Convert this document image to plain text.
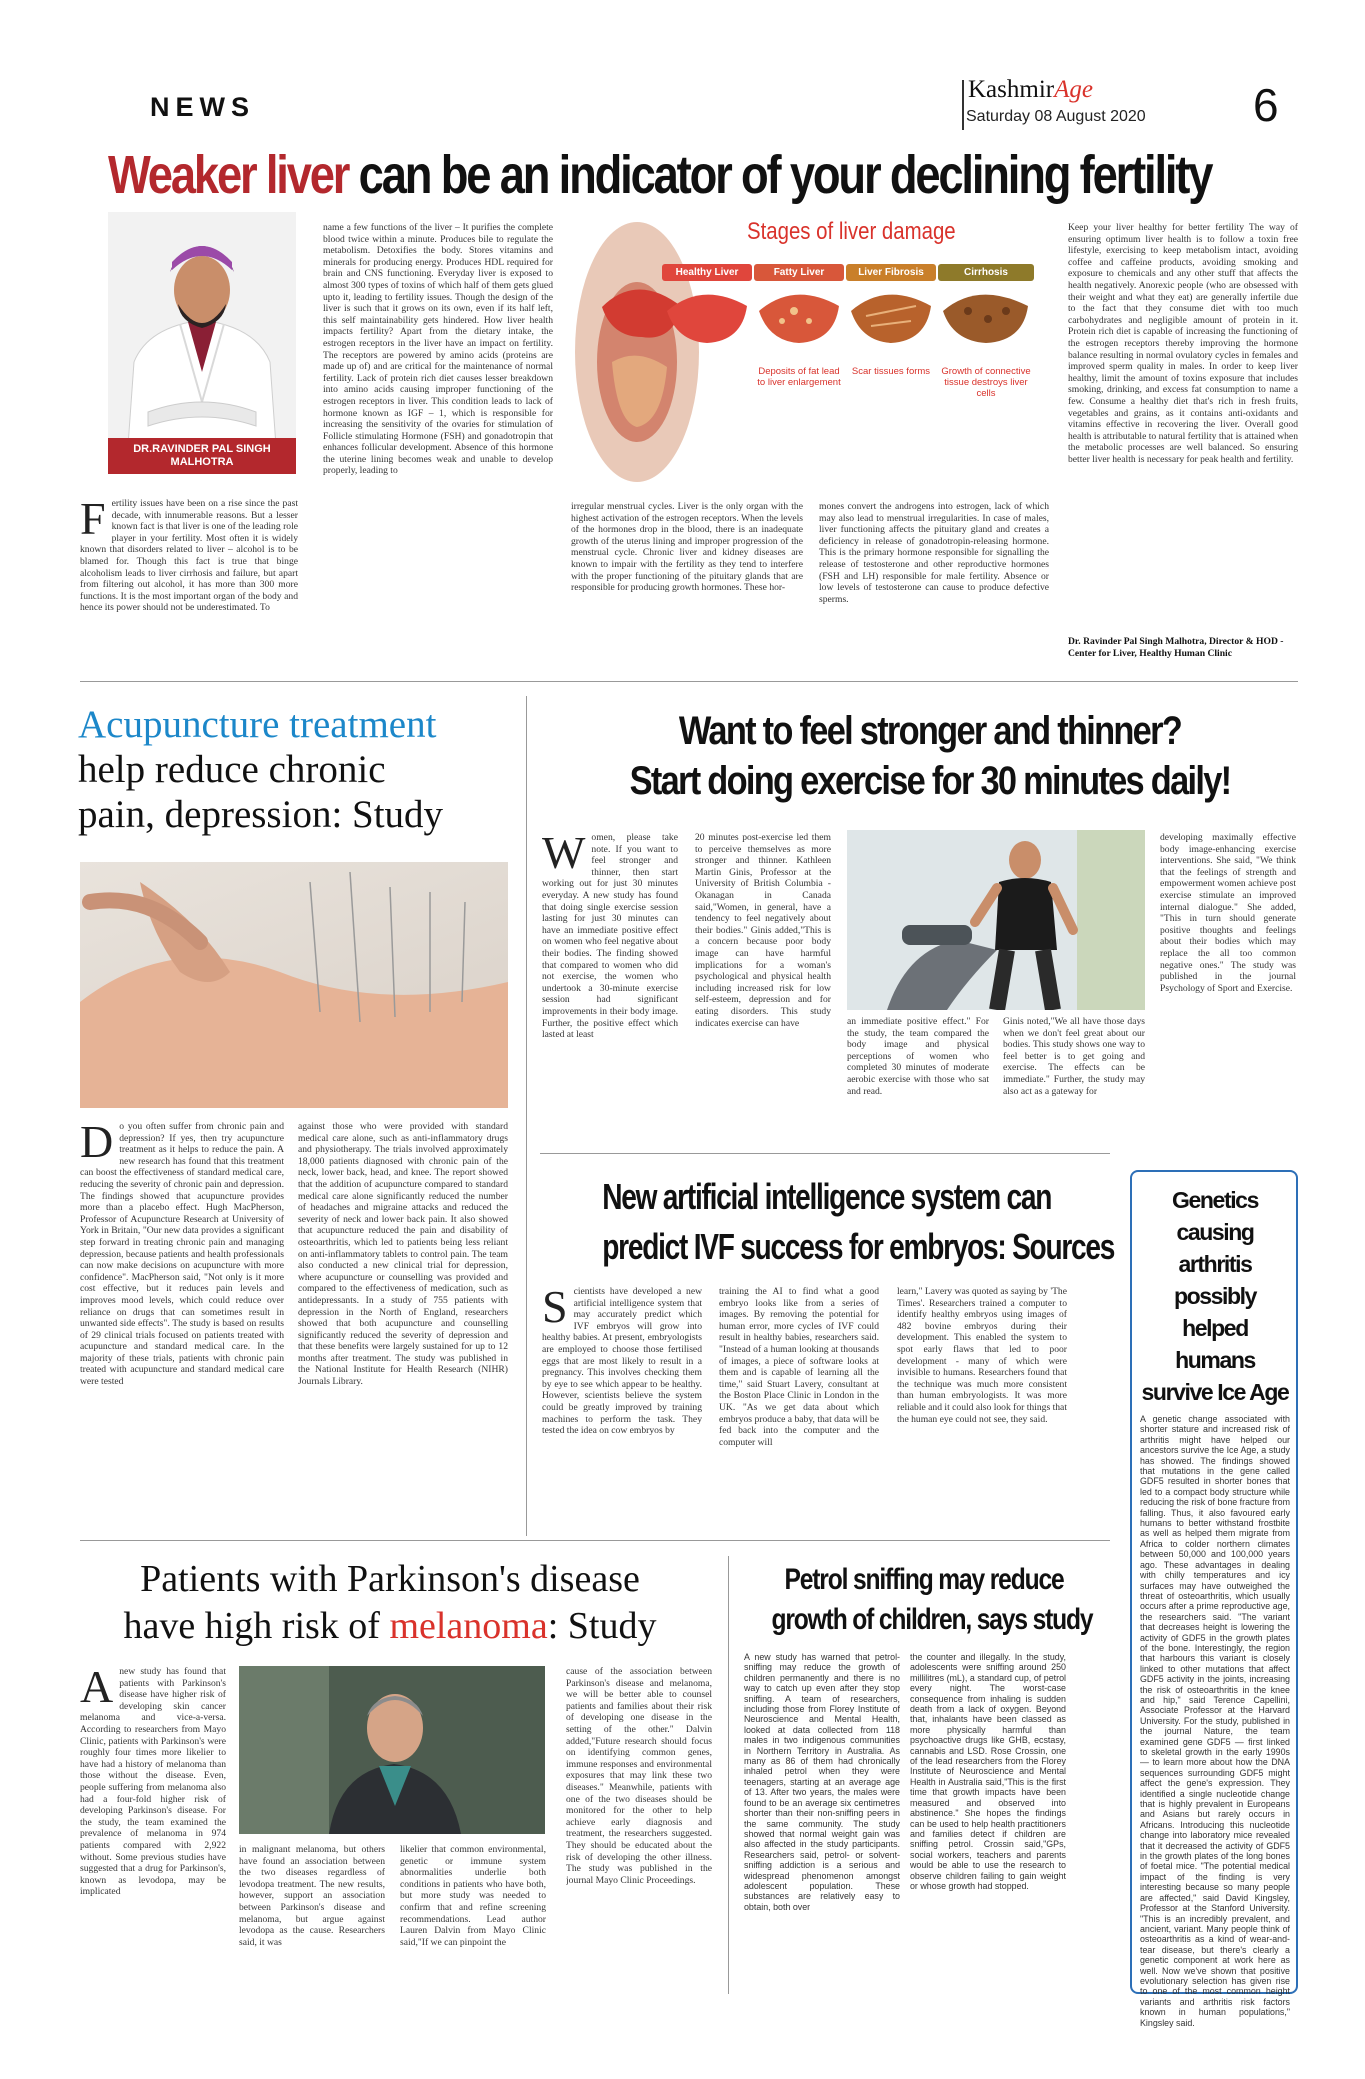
NEWS
KashmirAge
Saturday 08 August 2020 6
Weaker liver can be an indicator of your declining fertility
DR.RAVINDER PAL SINGH MALHOTRA
Stages of liver damage
Healthy Liver	Fatty Liver
Deposits of fat lead to liver enlargement
Liver Fibrosis
Scar tissues forms
Cirrhosis
Growth of connective tissue destroys liver cells
Fertility issues have been on a rise since the past decade, with innumerable reasons. But a lesser known fact is that liver is one of the leading role player in your fertility. Most often it is widely known that disorders related to liver – alcohol is to be blamed for. Though this fact is true that binge alcoholism leads to liver cirrhosis and failure, but apart from filtering out alcohol, it has more than 300 more functions. It is the most important organ of the body and hence its power should not be underestimated. To
name a few functions of the liver – It purifies the complete blood twice within a minute. Produces bile to regulate the metabolism. Detoxifies the body. Stores vitamins and minerals for producing energy. Produces HDL required for brain and CNS functioning. Everyday liver is exposed to almost 300 types of toxins of which half of them gets glued upto it, leading to fertility issues. Though the design of the liver is such that it grows on its own, even if its half left, this self maintainability gets hindered. How liver health impacts fertility? Apart from the dietary intake, the estrogen receptors in the liver have an impact on fertility. The receptors are powered by amino acids (proteins are made up of) and are critical for the maintenance of normal fertility. Lack of protein rich diet causes lesser breakdown into amino acids causing improper functioning of the estrogen receptors in liver. This condition leads to lack of hormone known as IGF – 1, which is responsible for increasing the sensitivity of the ovaries for stimulation of Follicle stimulating Hormone (FSH) and gonadotropin that enhances follicular development. Absence of this hormone the uterine lining becomes weak and unable to develop properly, leading to
irregular menstrual cycles. Liver is the only organ with the highest activation of the estrogen receptors. When the levels of the hormones drop in the blood, there is an inadequate growth of the uterus lining and improper progression of the menstrual cycle. Chronic liver and kidney diseases are known to impair with the fertility as they tend to interfere with the proper functioning of the pituitary glands that are responsible for producing growth hormones. These hor-
mones convert the androgens into estrogen, lack of which may also lead to menstrual irregularities. In case of males, liver functioning affects the pituitary gland and creates a deficiency in release of gonadotropin-releasing hormone. This is the primary hormone responsible for signalling the release of testosterone and other reproductive hormones (FSH and LH) responsible for male fertility. Absence or low levels of testosterone can cause to produce defective sperms.
Keep your liver healthy for better fertility The way of ensuring optimum liver health is to follow a toxin free lifestyle, exercising to keep metabolism intact, avoiding coffee and caffeine products, avoiding smoking and exposure to chemicals and any other stuff that affects the health negatively. Anorexic people (who are obsessed with their weight and what they eat) are generally infertile due to the fact that they consume diet with too much carbohydrates and negligible amount of protein in it. Protein rich diet is capable of increasing the functioning of the estrogen receptors thereby improving the hormone balance resulting in normal ovulatory cycles in females and improved sperm quality in males. In order to keep liver healthy, limit the amount of toxins exposure that includes smoking, drinking, and excess fat consumption to name a few. Consume a healthy diet that's rich in fresh fruits, vegetables and grains, as it contains anti-oxidants and vitamins effective in recovering the liver. Overall good health is attributable to natural fertility that is attained when the metabolic processes are well balanced. So ensuring better liver health is necessary for peak health and fertility.
Dr. Ravinder Pal Singh Malhotra, Director & HOD - Center for Liver, Healthy Human Clinic
Acupuncture treatment
help reduce chronic
pain, depression: Study
Do you often suffer from chronic pain and depression? If yes, then try acupuncture treatment as it helps to reduce the pain. A new research has found that this treatment can boost the effectiveness of standard medical care, reducing the severity of chronic pain and depression. The findings showed that acupuncture provides more than a placebo effect. Hugh MacPherson, Professor of Acupuncture Research at University of York in Britain, "Our new data provides a significant step forward in treating chronic pain and managing depression, because patients and health professionals can now make decisions on acupuncture with more confidence". MacPherson said, "Not only is it more cost effective, but it reduces pain levels and improves mood levels, which could reduce over reliance on drugs that can sometimes result in unwanted side effects". The study is based on results of 29 clinical trials focused on patients treated with acupuncture and standard medical care. In the majority of these trials, patients with chronic pain treated with acupuncture and standard medical care were tested
against those who were provided with standard medical care alone, such as anti-inflammatory drugs and physiotherapy. The trials involved approximately 18,000 patients diagnosed with chronic pain of the neck, lower back, head, and knee. The report showed that the addition of acupuncture compared to standard medical care alone significantly reduced the number of headaches and migraine attacks and reduced the severity of neck and lower back pain. It also showed that acupuncture reduced the pain and disability of osteoarthritis, which led to patients being less reliant on anti-inflammatory tablets to control pain. The team also conducted a new clinical trial for depression, where acupuncture or counselling was provided and compared to the effectiveness of medication, such as antidepressants. In a study of 755 patients with depression in the North of England, researchers showed that both acupuncture and counselling significantly reduced the severity of depression and that these benefits were largely sustained for up to 12 months after treatment. The study was published in the National Institute for Health Research (NIHR) Journals Library.
Want to feel stronger and thinner?
Start doing exercise for 30 minutes daily!
Women, please take note. If you want to feel stronger and thinner, then start working out for just 30 minutes everyday. A new study has found that doing single exercise session lasting for just 30 minutes can have an immediate positive effect on women who feel negative about their bodies. The finding showed that compared to women who did not exercise, the women who undertook a 30-minute exercise session had significant improvements in their body image. Further, the positive effect which lasted at least
20 minutes post-exercise led them to perceive themselves as more stronger and thinner. Kathleen Martin Ginis, Professor at the University of British Columbia - Okanagan in Canada said,"Women, in general, have a tendency to feel negatively about their bodies." Ginis added,"This is a concern because poor body image can have harmful implications for a woman's psychological and physical health including increased risk for low self-esteem, depression and for eating disorders. This study indicates exercise can have	an immediate positive effect." For the study, the team compared the body image and physical perceptions of women who completed 30 minutes of moderate aerobic exercise with those who sat and read.
Ginis noted,"We all have those days when we don't feel great about our bodies. This study shows one way to feel better is to get going and exercise. The effects can be immediate." Further, the study may also act as a gateway for
developing maximally effective body image-enhancing exercise interventions. She said, "We think that the feelings of strength and empowerment women achieve post exercise stimulate an improved internal dialogue." She added, "This in turn should generate positive thoughts and feelings about their bodies which may replace the all too common negative ones." The study was published in the journal Psychology of Sport and Exercise.
New artificial intelligence system can
predict IVF success for embryos: Sources
Scientists have developed a new artificial intelligence system that may accurately predict which IVF embryos will grow into healthy babies. At present, embryologists are employed to choose those fertilised eggs that are most likely to result in a pregnancy. This involves checking them by eye to see which appear to be healthy. However, scientists believe the system could be greatly improved by training machines to perform the task. They tested the idea on cow embryos by
training the AI to find what a good embryo looks like from a series of images. By removing the potential for human error, more cycles of IVF could result in healthy babies, researchers said. "Instead of a human looking at thousands of images, a piece of software looks at them and is capable of learning all the time," said Stuart Lavery, consultant at the Boston Place Clinic in London in the UK. "As we get data about which embryos produce a baby, that data will be fed back into the computer and the computer will
learn," Lavery was quoted as saying by 'The Times'. Researchers trained a computer to identify healthy embryos using images of 482 bovine embryos during their development. This enabled the system to spot early flaws that led to poor development - many of which were invisible to humans. Researchers found that the technique was much more consistent than human embryologists. It was more reliable and it could also look for things that the human eye could not see, they said.
Genetics causing arthritis possibly helped humans survive Ice Age
A genetic change associated with shorter stature and increased risk of arthritis might have helped our ancestors survive the Ice Age, a study has showed. The findings showed that mutations in the gene called GDF5 resulted in shorter bones that led to a compact body structure while reducing the risk of bone fracture from falling. Thus, it also favoured early humans to better withstand frostbite as well as helped them migrate from Africa to colder northern climates between 50,000 and 100,000 years ago. These advantages in dealing with chilly temperatures and icy surfaces may have outweighed the threat of osteoarthritis, which usually occurs after a prime reproductive age, the researchers said. "The variant that decreases height is lowering the activity of GDF5 in the growth plates of the bone. Interestingly, the region that harbours this variant is closely linked to other mutations that affect GDF5 activity in the joints, increasing the risk of osteoarthritis in the knee and hip," said Terence Capellini, Associate Professor at the Harvard University. For the study, published in the journal Nature, the team examined gene GDF5 — first linked to skeletal growth in the early 1990s — to learn more about how the DNA sequences surrounding GDF5 might affect the gene's expression. They identified a single nucleotide change that is highly prevalent in Europeans and Asians but rarely occurs in Africans. Introducing this nucleotide change into laboratory mice revealed that it decreased the activity of GDF5 in the growth plates of the long bones of foetal mice. "The potential medical impact of the finding is very interesting because so many people are affected," said David Kingsley, Professor at the Stanford University. "This is an incredibly prevalent, and ancient, variant. Many people think of osteoarthritis as a kind of wear-and-tear disease, but there's clearly a genetic component at work here as well. Now we've shown that positive evolutionary selection has given rise to one of the most common height variants and arthritis risk factors known in human populations," Kingsley said.
Patients with Parkinson's disease
have high risk of melanoma: Study
Anew study has found that patients with Parkinson's disease have higher risk of developing skin cancer melanoma and vice-a-versa. According to researchers from Mayo Clinic, patients with Parkinson's were roughly four times more likelier to have had a history of melanoma than those without the disease. Even, people suffering from melanoma also had a four-fold higher risk of developing Parkinson's disease. For the study, the team examined the prevalence of melanoma in 974 patients compared with 2,922 without. Some previous studies have suggested that a drug for Parkinson's, known as levodopa, may be implicated
in malignant melanoma, but others have found an association between the two diseases regardless of levodopa treatment. The new results, however, support an association between Parkinson's disease and melanoma, but argue against levodopa as the cause. Researchers said, it was
likelier that common environmental, genetic or immune system abnormalities underlie both conditions in patients who have both, but more study was needed to confirm that and refine screening recommendations. Lead author Lauren Dalvin from Mayo Clinic said,"If we can pinpoint the
cause of the association between Parkinson's disease and melanoma, we will be better able to counsel patients and families about their risk of developing one disease in the setting of the other." Dalvin added,"Future research should focus on identifying common genes, immune responses and environmental exposures that may link these two diseases." Meanwhile, patients with one of the two diseases should be monitored for the other to help achieve early diagnosis and treatment, the researchers suggested. They should be educated about the risk of developing the other illness. The study was published in the journal Mayo Clinic Proceedings.
Petrol sniffing may reduce
growth of children, says study
A new study has warned that petrol-sniffing may reduce the growth of children permanently and there is no way to catch up even after they stop sniffing. A team of researchers, including those from Florey Institute of Neuroscience and Mental Health, looked at data collected from 118 males in two indigenous communities in Northern Territory in Australia. As many as 86 of them had chronically inhaled petrol when they were teenagers, starting at an average age of 13. After two years, the males were found to be an average six centimetres shorter than their non-sniffing peers in the same community. The study showed that normal weight gain was also affected in the study participants. Researchers said, petrol- or solvent-sniffing addiction is a serious and widespread phenomenon amongst adolescent population. These substances are relatively easy to obtain, both over
the counter and illegally. In the study, adolescents were sniffing around 250 millilitres (mL), a standard cup, of petrol every night. The worst-case consequence from inhaling is sudden death from a lack of oxygen. Beyond that, inhalants have been classed as more physically harmful than psychoactive drugs like GHB, ecstasy, cannabis and LSD. Rose Crossin, one of the lead researchers from the Florey Institute of Neuroscience and Mental Health in Australia said,"This is the first time that growth impacts have been measured and observed into abstinence." She hopes the findings can be used to help health practitioners and families detect if children are sniffing petrol. Crossin said,"GPs, social workers, teachers and parents would be able to use the research to observe children failing to gain weight or whose growth had stopped.
